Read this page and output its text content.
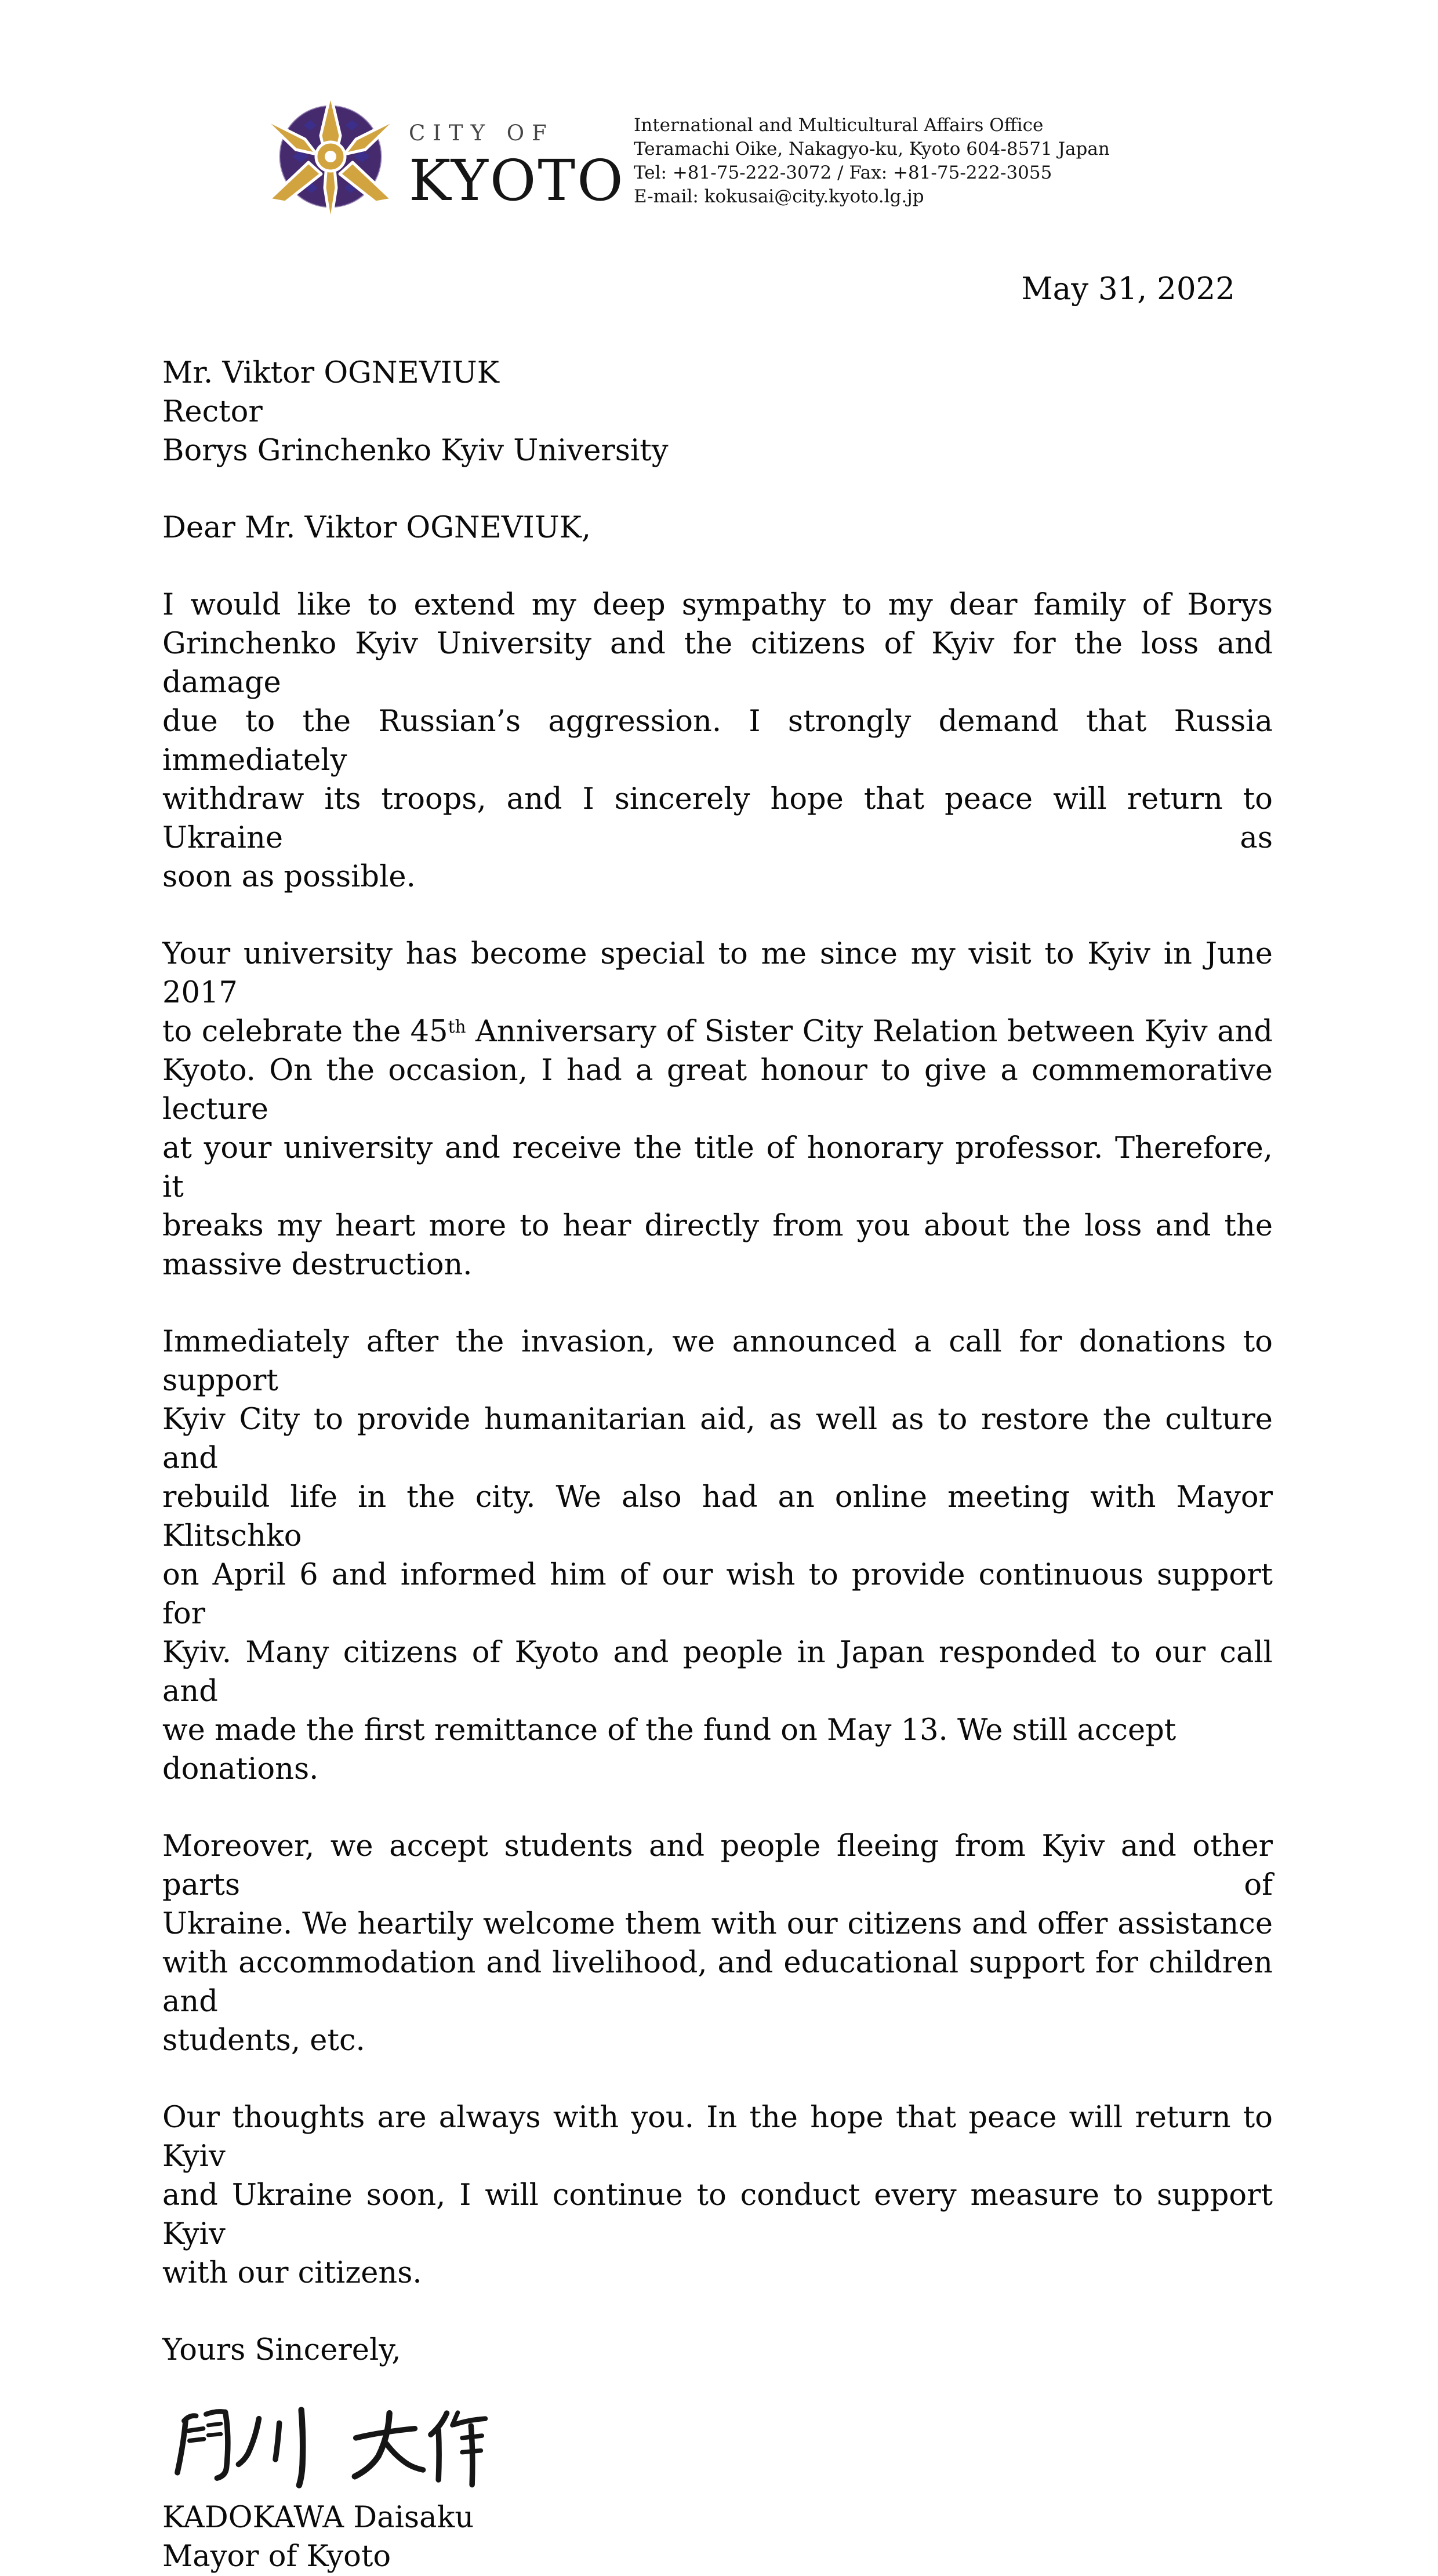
CITY OF
KYOTO
International and Multicultural Affairs Office
Teramachi Oike, Nakagyo-ku, Kyoto 604-8571 Japan
Tel: +81-75-222-3072 / Fax: +81-75-222-3055
E-mail: kokusai@city.kyoto.lg.jp
May 31, 2022
Mr. Viktor OGNEVIUK
Rector
Borys Grinchenko Kyiv University
Dear Mr. Viktor OGNEVIUK,
I would like to extend my deep sympathy to my dear family of Borys
Grinchenko Kyiv University and the citizens of Kyiv for the loss and damage
due to the Russian’s aggression. I strongly demand that Russia immediately
withdraw its troops, and I sincerely hope that peace will return to Ukraine as
soon as possible.
Your university has become special to me since my visit to Kyiv in June 2017
to celebrate the 45th Anniversary of Sister City Relation between Kyiv and
Kyoto. On the occasion, I had a great honour to give a commemorative lecture
at your university and receive the title of honorary professor. Therefore, it
breaks my heart more to hear directly from you about the loss and the
massive destruction.
Immediately after the invasion, we announced a call for donations to support
Kyiv City to provide humanitarian aid, as well as to restore the culture and
rebuild life in the city. We also had an online meeting with Mayor Klitschko
on April 6 and informed him of our wish to provide continuous support for
Kyiv. Many citizens of Kyoto and people in Japan responded to our call and
we made the first remittance of the fund on May 13. We still accept donations.
Moreover, we accept students and people fleeing from Kyiv and other parts of
Ukraine. We heartily welcome them with our citizens and offer assistance
with accommodation and livelihood, and educational support for children and
students, etc.
Our thoughts are always with you. In the hope that peace will return to Kyiv
and Ukraine soon, I will continue to conduct every measure to support Kyiv
with our citizens.
Yours Sincerely,
KADOKAWA Daisaku
Mayor of Kyoto
